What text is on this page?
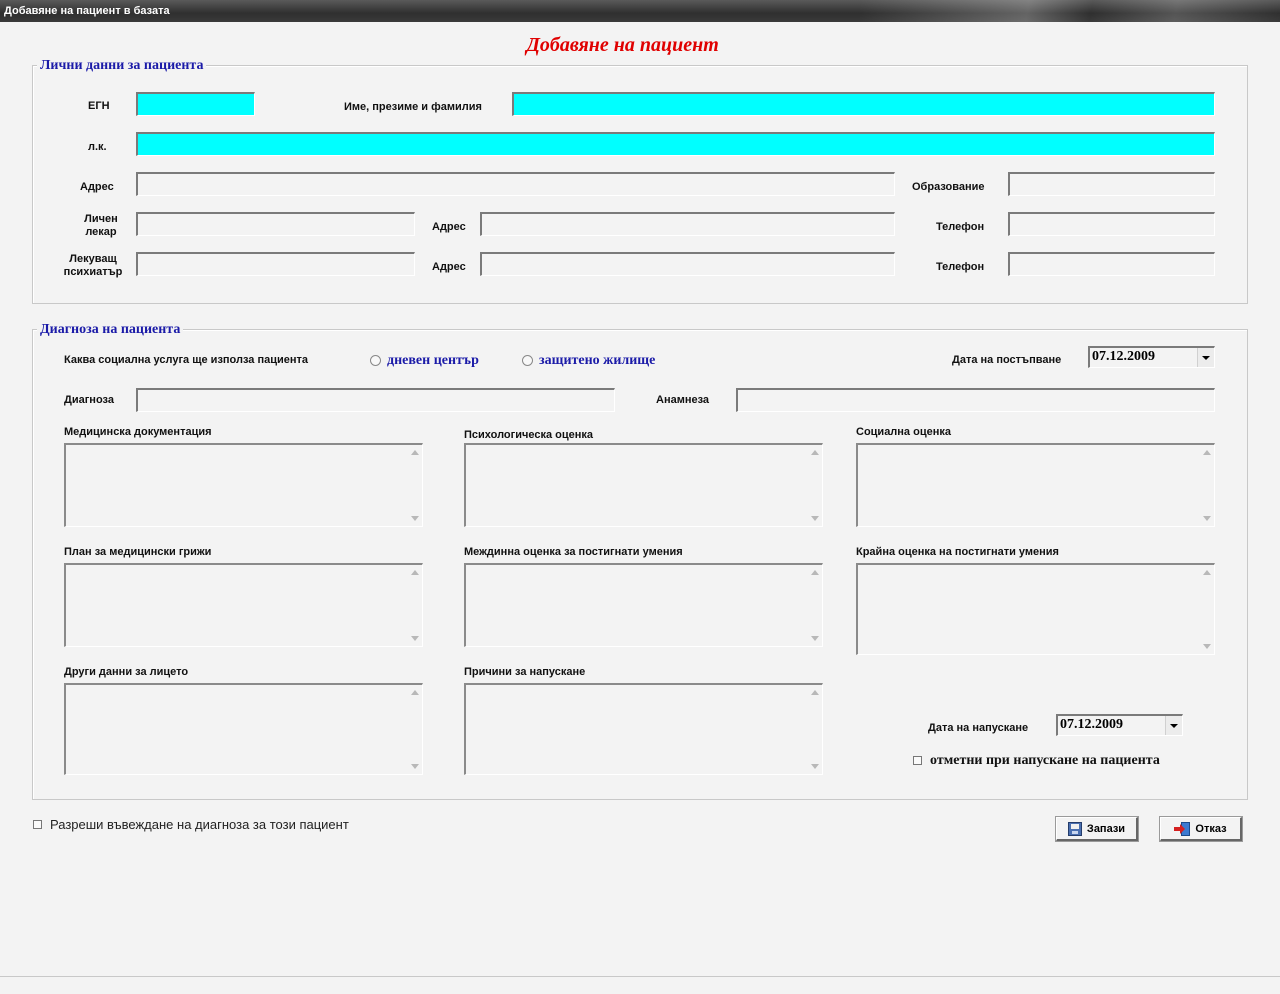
Добавяне на пациент в базата
Добавяне на пациент
Лични данни за пациента
ЕГН	Име, презиме и фамилия
л.к.
Адрес	Образование
Личен лекар	Адрес	Телефон
Лекуващ психиатър	Адрес	Телефон
Диагноза на пациента
Каква социална услуга ще използа пациента	дневен център	защитено жилище	Дата на постъпване 07.12.2009
Диагноза	Анамнеза
Медицинска документация	Психологическа оценка	Социална оценка
План за медицински грижи	Междинна оценка за постигнати умения	Крайна оценка на постигнати умения
Други данни за лицето	Причини за напускане
Дата на напускане 07.12.2009
отметни при напускане на пациента
Разреши въвеждане на диагноза за този пациент	Запази	Отказ
